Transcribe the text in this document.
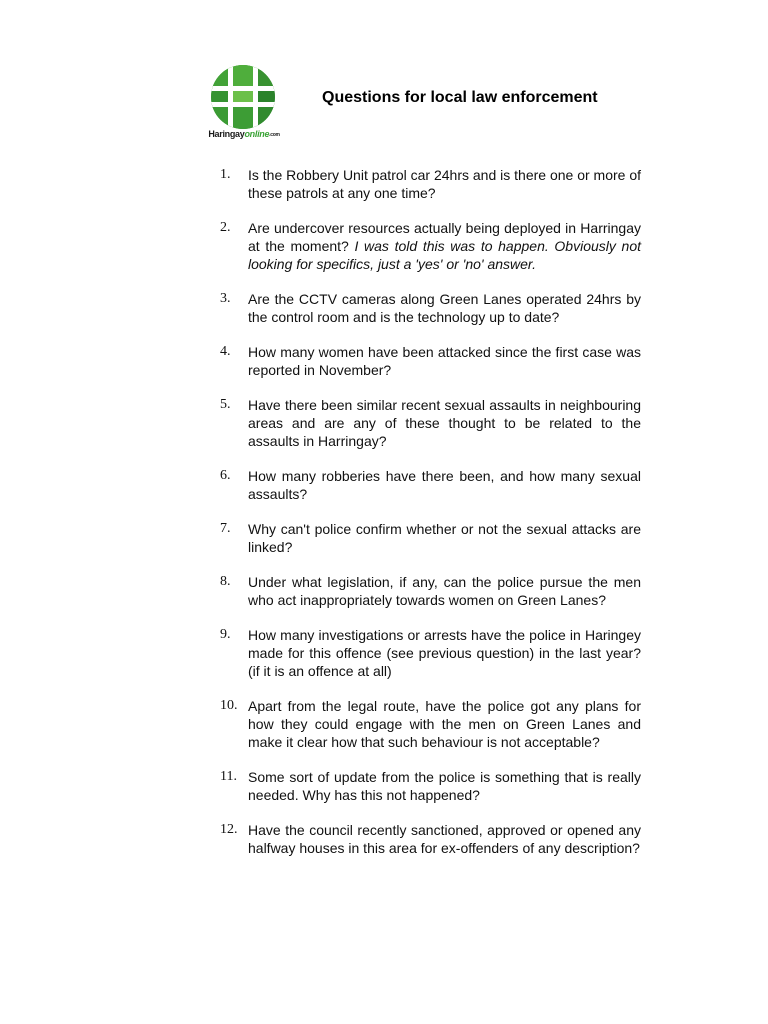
Haringayonline.com
Questions for local law enforcement
1. Is the Robbery Unit patrol car 24hrs and is there one or more of these patrols at any one time?
2. Are undercover resources actually being deployed in Harringay at the moment? I was told this was to happen. Obviously not looking for specifics, just a 'yes' or 'no' answer.
3. Are the CCTV cameras along Green Lanes operated 24hrs by the control room and is the technology up to date?
4. How many women have been attacked since the first case was reported in November?
5. Have there been similar recent sexual assaults in neighbouring areas and are any of these thought to be related to the assaults in Harringay?
6. How many robberies have there been, and how many sexual assaults?
7. Why can't police confirm whether or not the sexual attacks are linked?
8. Under what legislation, if any, can the police pursue the men who act inappropriately towards women on Green Lanes?
9. How many investigations or arrests have the police in Haringey made for this offence (see previous question) in the last year? (if it is an offence at all)
10. Apart from the legal route, have the police got any plans for how they could engage with the men on Green Lanes and make it clear how that such behaviour is not acceptable?
11. Some sort of update from the police is something that is really needed. Why has this not happened?
12. Have the council recently sanctioned, approved or opened any halfway houses in this area for ex-offenders of any description?
